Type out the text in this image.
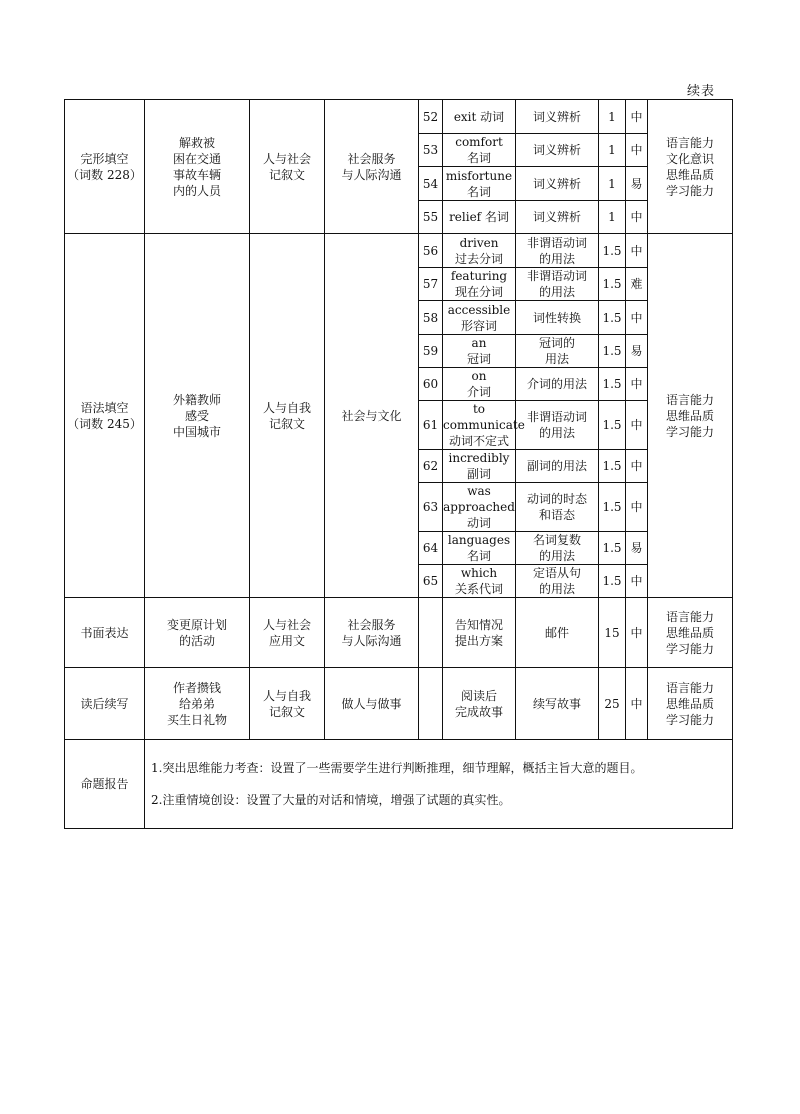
续表
完形填空
（词数 228）	解救被
困在交通
事故车辆
内的人员	人与社会
记叙文	社会服务
与人际沟通	52	exit 动词	词义辨析	1	中	语言能力
文化意识
思维品质
学习能力
				53	comfort
名词	词义辨析	1	中	
				54	misfortune
名词	词义辨析	1	易	
				55	relief 名词	词义辨析	1	中	
语法填空
（词数 245）	外籍教师
感受
中国城市	人与自我
记叙文	社会与文化	56	driven
过去分词	非谓语动词
的用法	1.5	中	语言能力
思维品质
学习能力
				57	featuring
现在分词	非谓语动词
的用法	1.5	难	
				58	accessible
形容词	词性转换	1.5	中	
				59	an
冠词	冠词的
用法	1.5	易	
				60	on
介词	介词的用法	1.5	中	
				61	to
communicate
动词不定式	非谓语动词
的用法	1.5	中	
				62	incredibly
副词	副词的用法	1.5	中	
				63	was
approached
动词	动词的时态
和语态	1.5	中	
				64	languages
名词	名词复数
的用法	1.5	易	
				65	which
关系代词	定语从句
的用法	1.5	中	
书面表达	变更原计划
的活动	人与社会
应用文	社会服务
与人际沟通		告知情况
提出方案	邮件	15	中	语言能力
思维品质
学习能力
读后续写	作者攒钱
给弟弟
买生日礼物	人与自我
记叙文	做人与做事		阅读后
完成故事	续写故事	25	中	语言能力
思维品质
学习能力
命题报告	1.突出思维能力考查：设置了一些需要学生进行判断推理，细节理解，概括主旨大意的题目。

2.注重情境创设：设置了大量的对话和情境，增强了试题的真实性。								
